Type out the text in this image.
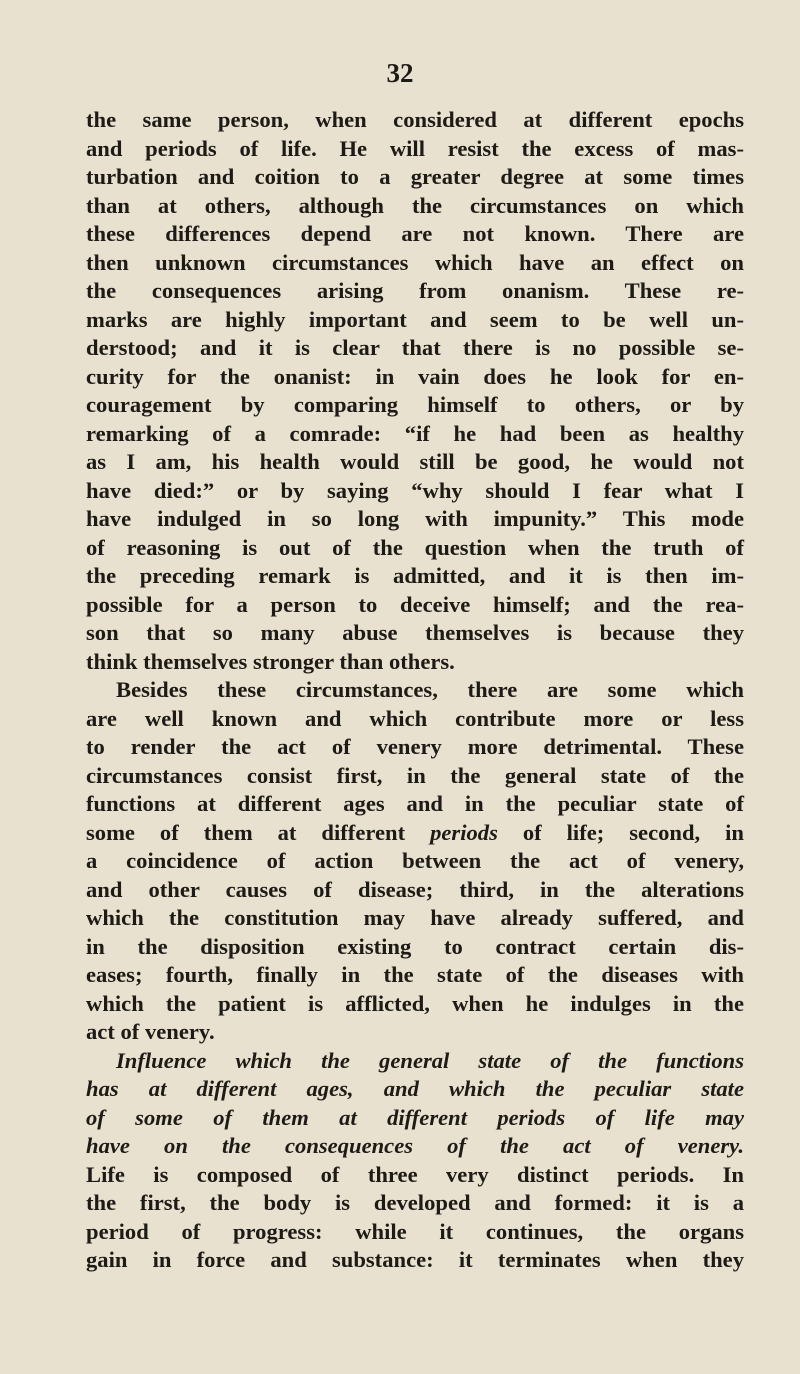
32
the same person, when considered at different epochs
and periods of life. He will resist the excess of mas-
turbation and coition to a greater degree at some times
than at others, although the circumstances on which
these differences depend are not known. There are
then unknown circumstances which have an effect on
the consequences arising from onanism. These re-
marks are highly important and seem to be well un-
derstood; and it is clear that there is no possible se-
curity for the onanist: in vain does he look for en-
couragement by comparing himself to others, or by
remarking of a comrade: “if he had been as healthy
as I am, his health would still be good, he would not
have died:” or by saying “why should I fear what I
have indulged in so long with impunity.” This mode
of reasoning is out of the question when the truth of
the preceding remark is admitted, and it is then im-
possible for a person to deceive himself; and the rea-
son that so many abuse themselves is because they
think themselves stronger than others.
Besides these circumstances, there are some which
are well known and which contribute more or less
to render the act of venery more detrimental. These
circumstances consist first, in the general state of the
functions at different ages and in the peculiar state of
some of them at different periods of life; second, in
a coincidence of action between the act of venery,
and other causes of disease; third, in the alterations
which the constitution may have already suffered, and
in the disposition existing to contract certain dis-
eases; fourth, finally in the state of the diseases with
which the patient is afflicted, when he indulges in the
act of venery.
Influence which the general state of the functions
has at different ages, and which the peculiar state
of some of them at different periods of life may
have on the consequences of the act of venery.
Life is composed of three very distinct periods. In
the first, the body is developed and formed: it is a
period of progress: while it continues, the organs
gain in force and substance: it terminates when they
